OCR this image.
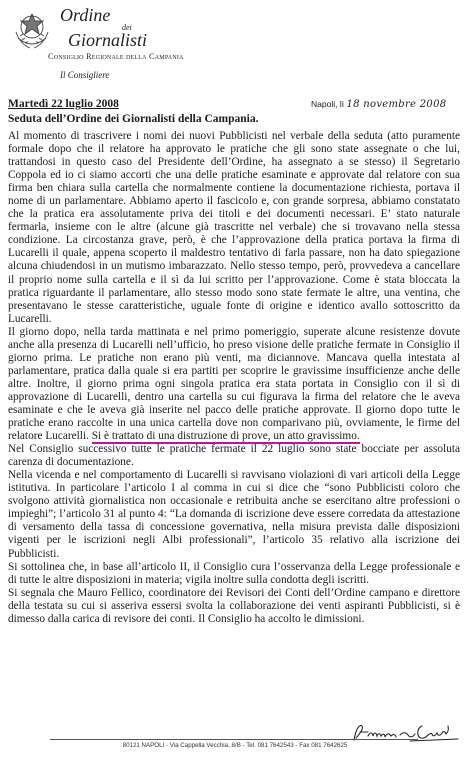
Ordine
dei
Giornalisti
Consiglio Regionale della Campania
Il Consigliere
Martedì 22 luglio 2008	Napoli, lì 18 novembre 2008
Seduta dell’Ordine dei Giornalisti della Campania.

Al momento di trascrivere i nomi dei nuovi Pubblicisti nel verbale della seduta (atto puramente formale dopo che il relatore ha approvato le pratiche che gli sono state assegnate o che lui, trattandosi in questo caso del Presidente dell’Ordine, ha assegnato a se stesso) il Segretario Coppola ed io ci siamo accorti che una delle pratiche esaminate e approvate dal relatore con sua firma ben chiara sulla cartella che normalmente contiene la documentazione richiesta, portava il nome di un parlamentare. Abbiamo aperto il fascicolo e, con grande sorpresa, abbiamo constatato che la pratica era assolutamente priva dei titoli e dei documenti necessari. E’ stato naturale fermarla, insieme con le altre (alcune già trascritte nel verbale) che si trovavano nella stessa condizione. La circostanza grave, però, è che l’approvazione della pratica portava la firma di Lucarelli il quale, appena scoperto il maldestro tentativo di farla passare, non ha dato spiegazione alcuna chiudendosi in un mutismo imbarazzato. Nello stesso tempo, però, provvedeva a cancellare il proprio nome sulla cartella e il sì da lui scritto per l’approvazione. Come è stata bloccata la pratica riguardante il parlamentare, allo stesso modo sono state fermate le altre, una ventina, che presentavano le stesse caratteristiche, uguale fonte di origine e identico avallo sottoscritto da Lucarelli.

Il giorno dopo, nella tarda mattinata e nel primo pomeriggio, superate alcune resistenze dovute anche alla presenza di Lucarelli nell’ufficio, ho preso visione delle pratiche fermate in Consiglio il giorno prima. Le pratiche non erano più venti, ma diciannove. Mancava quella intestata al parlamentare, pratica dalla quale si era partiti per scoprire le gravissime insufficienze anche delle altre. Inoltre, il giorno prima ogni singola pratica era stata portata in Consiglio con il sì di approvazione di Lucarelli, dentro una cartella su cui figurava la firma del relatore che le aveva esaminate e che le aveva già inserite nel pacco delle pratiche approvate. Il giorno dopo tutte le pratiche erano raccolte in una unica cartella dove non comparivano più, ovviamente, le firme del relatore Lucarelli. Si è trattato di una distruzione di prove, un atto gravissimo.

Nel Consiglio successivo tutte le pratiche fermate il 22 luglio sono state bocciate per assoluta carenza di documentazione.

Nella vicenda e nel comportamento di Lucarelli si ravvisano violazioni di vari articoli della Legge istitutiva. In particolare l’articolo I al comma in cui si dice che “sono Pubblicisti coloro che svolgono attività giornalistica non occasionale e retribuita anche se esercitano altre professioni o impieghi”; l’articolo 31 al punto 4: “La domanda di iscrizione deve essere corredata da attestazione di versamento della tassa di concessione governativa, nella misura prevista dalle disposizioni vigenti per le iscrizioni negli Albi professionali”, l’articolo 35 relativo alla iscrizione dei Pubblicisti.

Si sottolinea che, in base all’articolo II, il Consiglio cura l’osservanza della Legge professionale e di tutte le altre disposizioni in materia; vigila inoltre sulla condotta degli iscritti.

Si segnala che Mauro Fellico, coordinatore dei Revisori dei Conti dell’Ordine campano e direttore della testata su cui si asseriva essersi svolta la collaborazione dei venti aspiranti Pubblicisti, si è dimesso dalla carica di revisore dei conti. Il Consiglio ha accolto le dimissioni.

80121 NAPOLI - Via Cappella Vecchia, 8/B - Tel. 081 7642543 - Fax 081 7642625
